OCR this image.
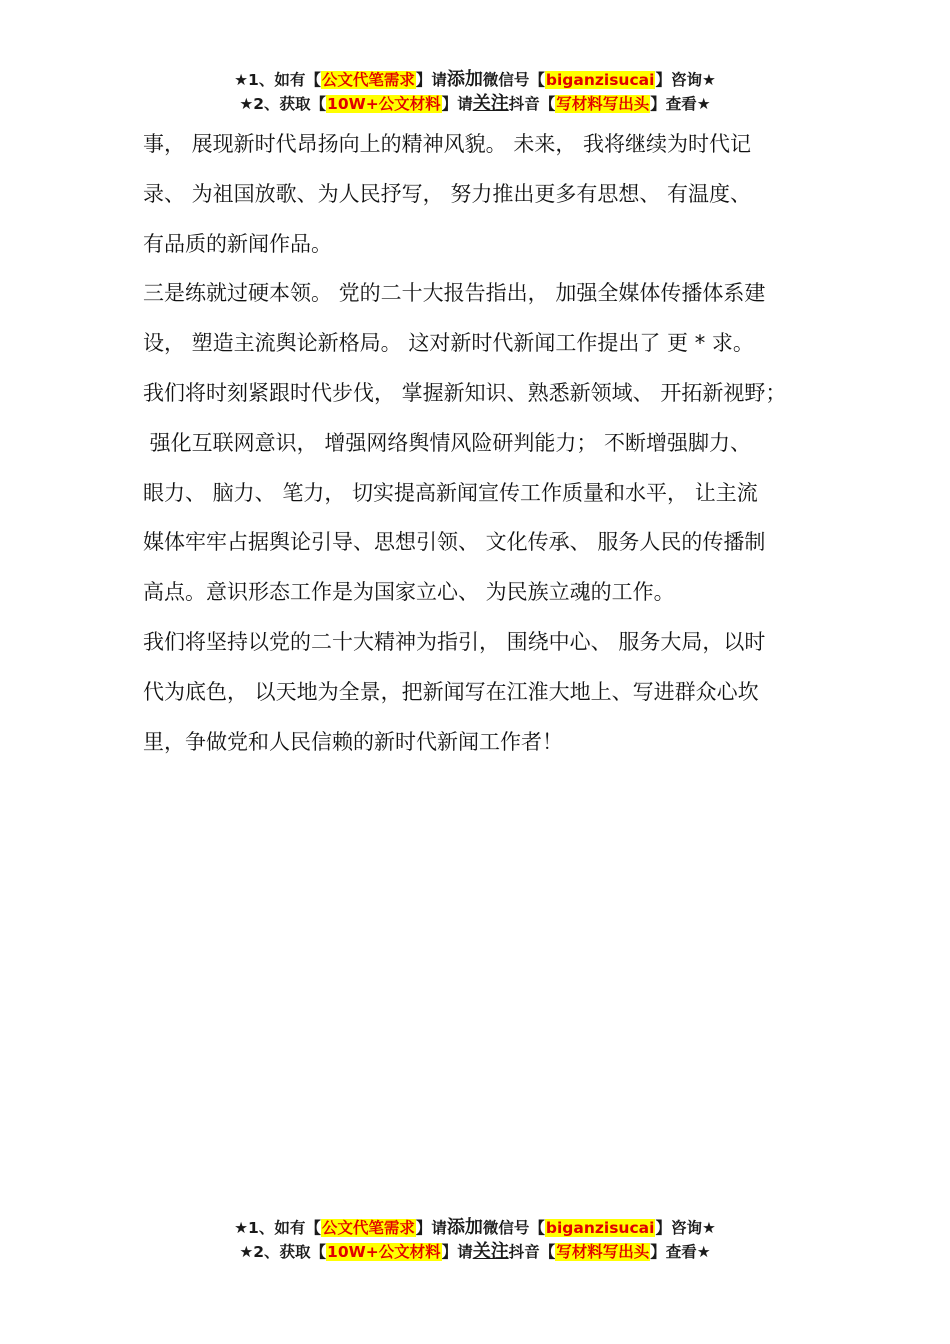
★1、如有【公文代笔需求】请添加微信号【biganzisucai】咨询★
★2、获取【10W+公文材料】请关注抖音【写材料写出头】查看★

事， 展现新时代昂扬向上的精神风貌。 未来， 我将继续为时代记

录、 为祖国放歌、为人民抒写， 努力推出更多有思想、 有温度、

有品质的新闻作品。

三是练就过硬本领。 党的二十大报告指出， 加强全媒体传播体系建

设， 塑造主流舆论新格局。 这对新时代新闻工作提出了 更 * 求。

我们将时刻紧跟时代步伐， 掌握新知识、熟悉新领域、 开拓新视野；

强化互联网意识， 增强网络舆情风险研判能力； 不断增强脚力、

眼力、 脑力、 笔力， 切实提高新闻宣传工作质量和水平， 让主流

媒体牢牢占据舆论引导、思想引领、 文化传承、 服务人民的传播制

高点。意识形态工作是为国家立心、 为民族立魂的工作。

我们将坚持以党的二十大精神为指引， 围绕中心、 服务大局，以时

代为底色， 以天地为全景，把新闻写在江淮大地上、写进群众心坎

里，争做党和人民信赖的新时代新闻工作者！

★1、如有【公文代笔需求】请添加微信号【biganzisucai】咨询★
★2、获取【10W+公文材料】请关注抖音【写材料写出头】查看★
